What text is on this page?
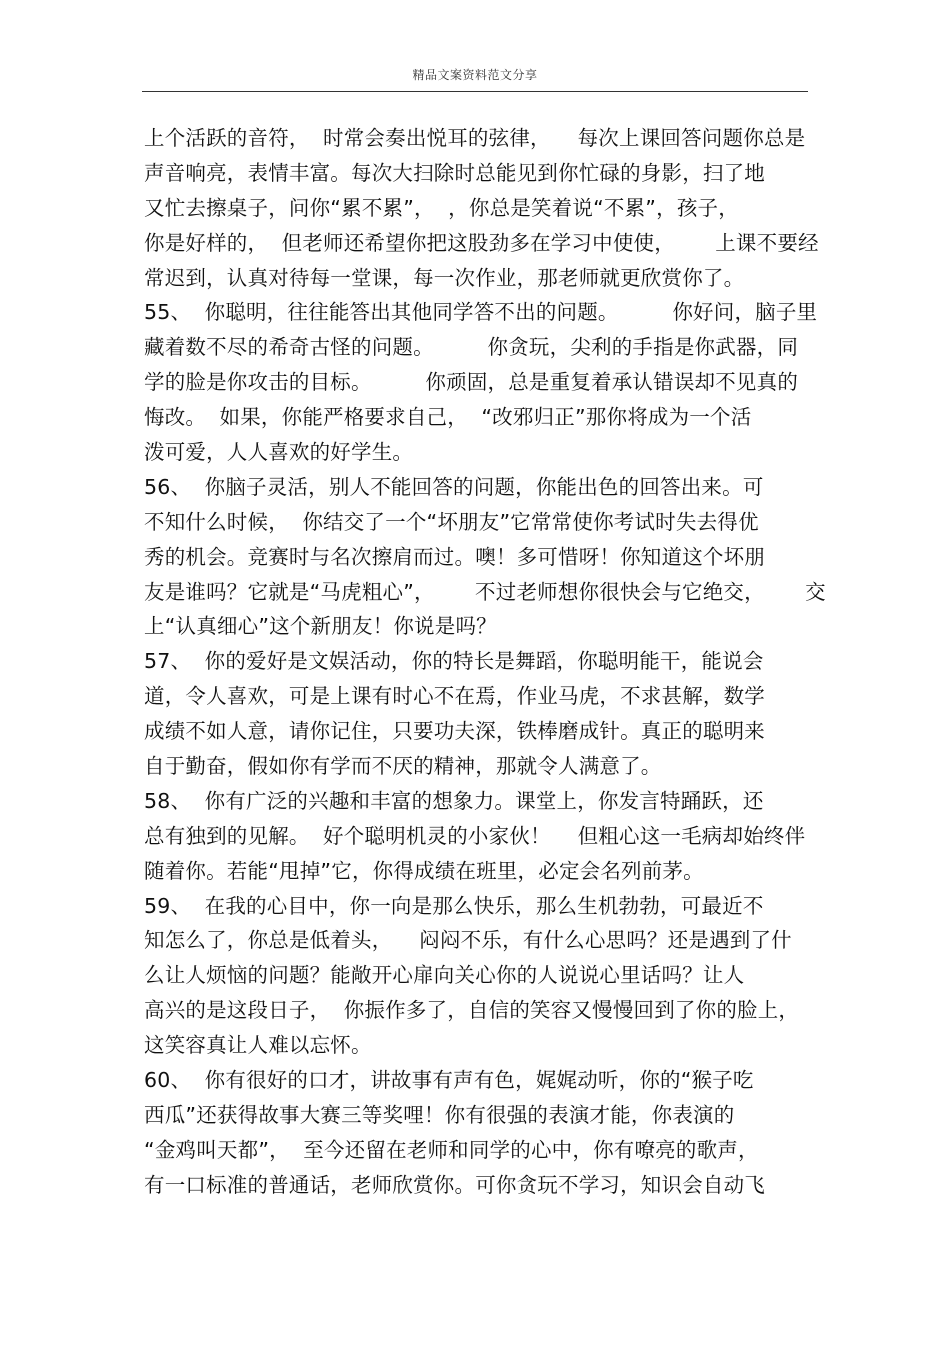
精品文案资料范文分享
上个活跃的音符，  时常会奏出悦耳的弦律，    每次上课回答问题你总是
声音响亮，表情丰富。每次大扫除时总能见到你忙碌的身影，扫了地
又忙去擦桌子，问你“累不累”，  ，你总是笑着说“不累”，孩子，
你是好样的，  但老师还希望你把这股劲多在学习中使使，      上课不要经
常迟到，认真对待每一堂课，每一次作业，那老师就更欣赏你了。
55、  你聪明，往往能答出其他同学答不出的问题。        你好问，脑子里
藏着数不尽的希奇古怪的问题。        你贪玩，尖利的手指是你武器，同
学的脸是你攻击的目标。        你顽固，总是重复着承认错误却不见真的
悔改。  如果，你能严格要求自己，  “改邪归正”那你将成为一个活
泼可爱，人人喜欢的好学生。
56、  你脑子灵活，别人不能回答的问题，你能出色的回答出来。可
不知什么时候，  你结交了一个“坏朋友”它常常使你考试时失去得优
秀的机会。竞赛时与名次擦肩而过。噢！多可惜呀！你知道这个坏朋
友是谁吗？它就是“马虎粗心”，      不过老师想你很快会与它绝交，      交
上“认真细心”这个新朋友！你说是吗？
57、  你的爱好是文娱活动，你的特长是舞蹈，你聪明能干，能说会
道，令人喜欢，可是上课有时心不在焉，作业马虎，不求甚解，数学
成绩不如人意，请你记住，只要功夫深，铁棒磨成针。真正的聪明来
自于勤奋，假如你有学而不厌的精神，那就令人满意了。
58、  你有广泛的兴趣和丰富的想象力。课堂上，你发言特踊跃，还
总有独到的见解。  好个聪明机灵的小家伙！    但粗心这一毛病却始终伴
随着你。若能“甩掉”它，你得成绩在班里，必定会名列前茅。
59、  在我的心目中，你一向是那么快乐，那么生机勃勃，可最近不
知怎么了，你总是低着头，    闷闷不乐，有什么心思吗？还是遇到了什
么让人烦恼的问题？能敞开心扉向关心你的人说说心里话吗？让人
高兴的是这段日子，  你振作多了，自信的笑容又慢慢回到了你的脸上，
这笑容真让人难以忘怀。
60、  你有很好的口才，讲故事有声有色，娓娓动听，你的“猴子吃
西瓜”还获得故事大赛三等奖哩！你有很强的表演才能，你表演的
“金鸡叫天都”，  至今还留在老师和同学的心中，你有嘹亮的歌声，
有一口标准的普通话，老师欣赏你。可你贪玩不学习，知识会自动飞
